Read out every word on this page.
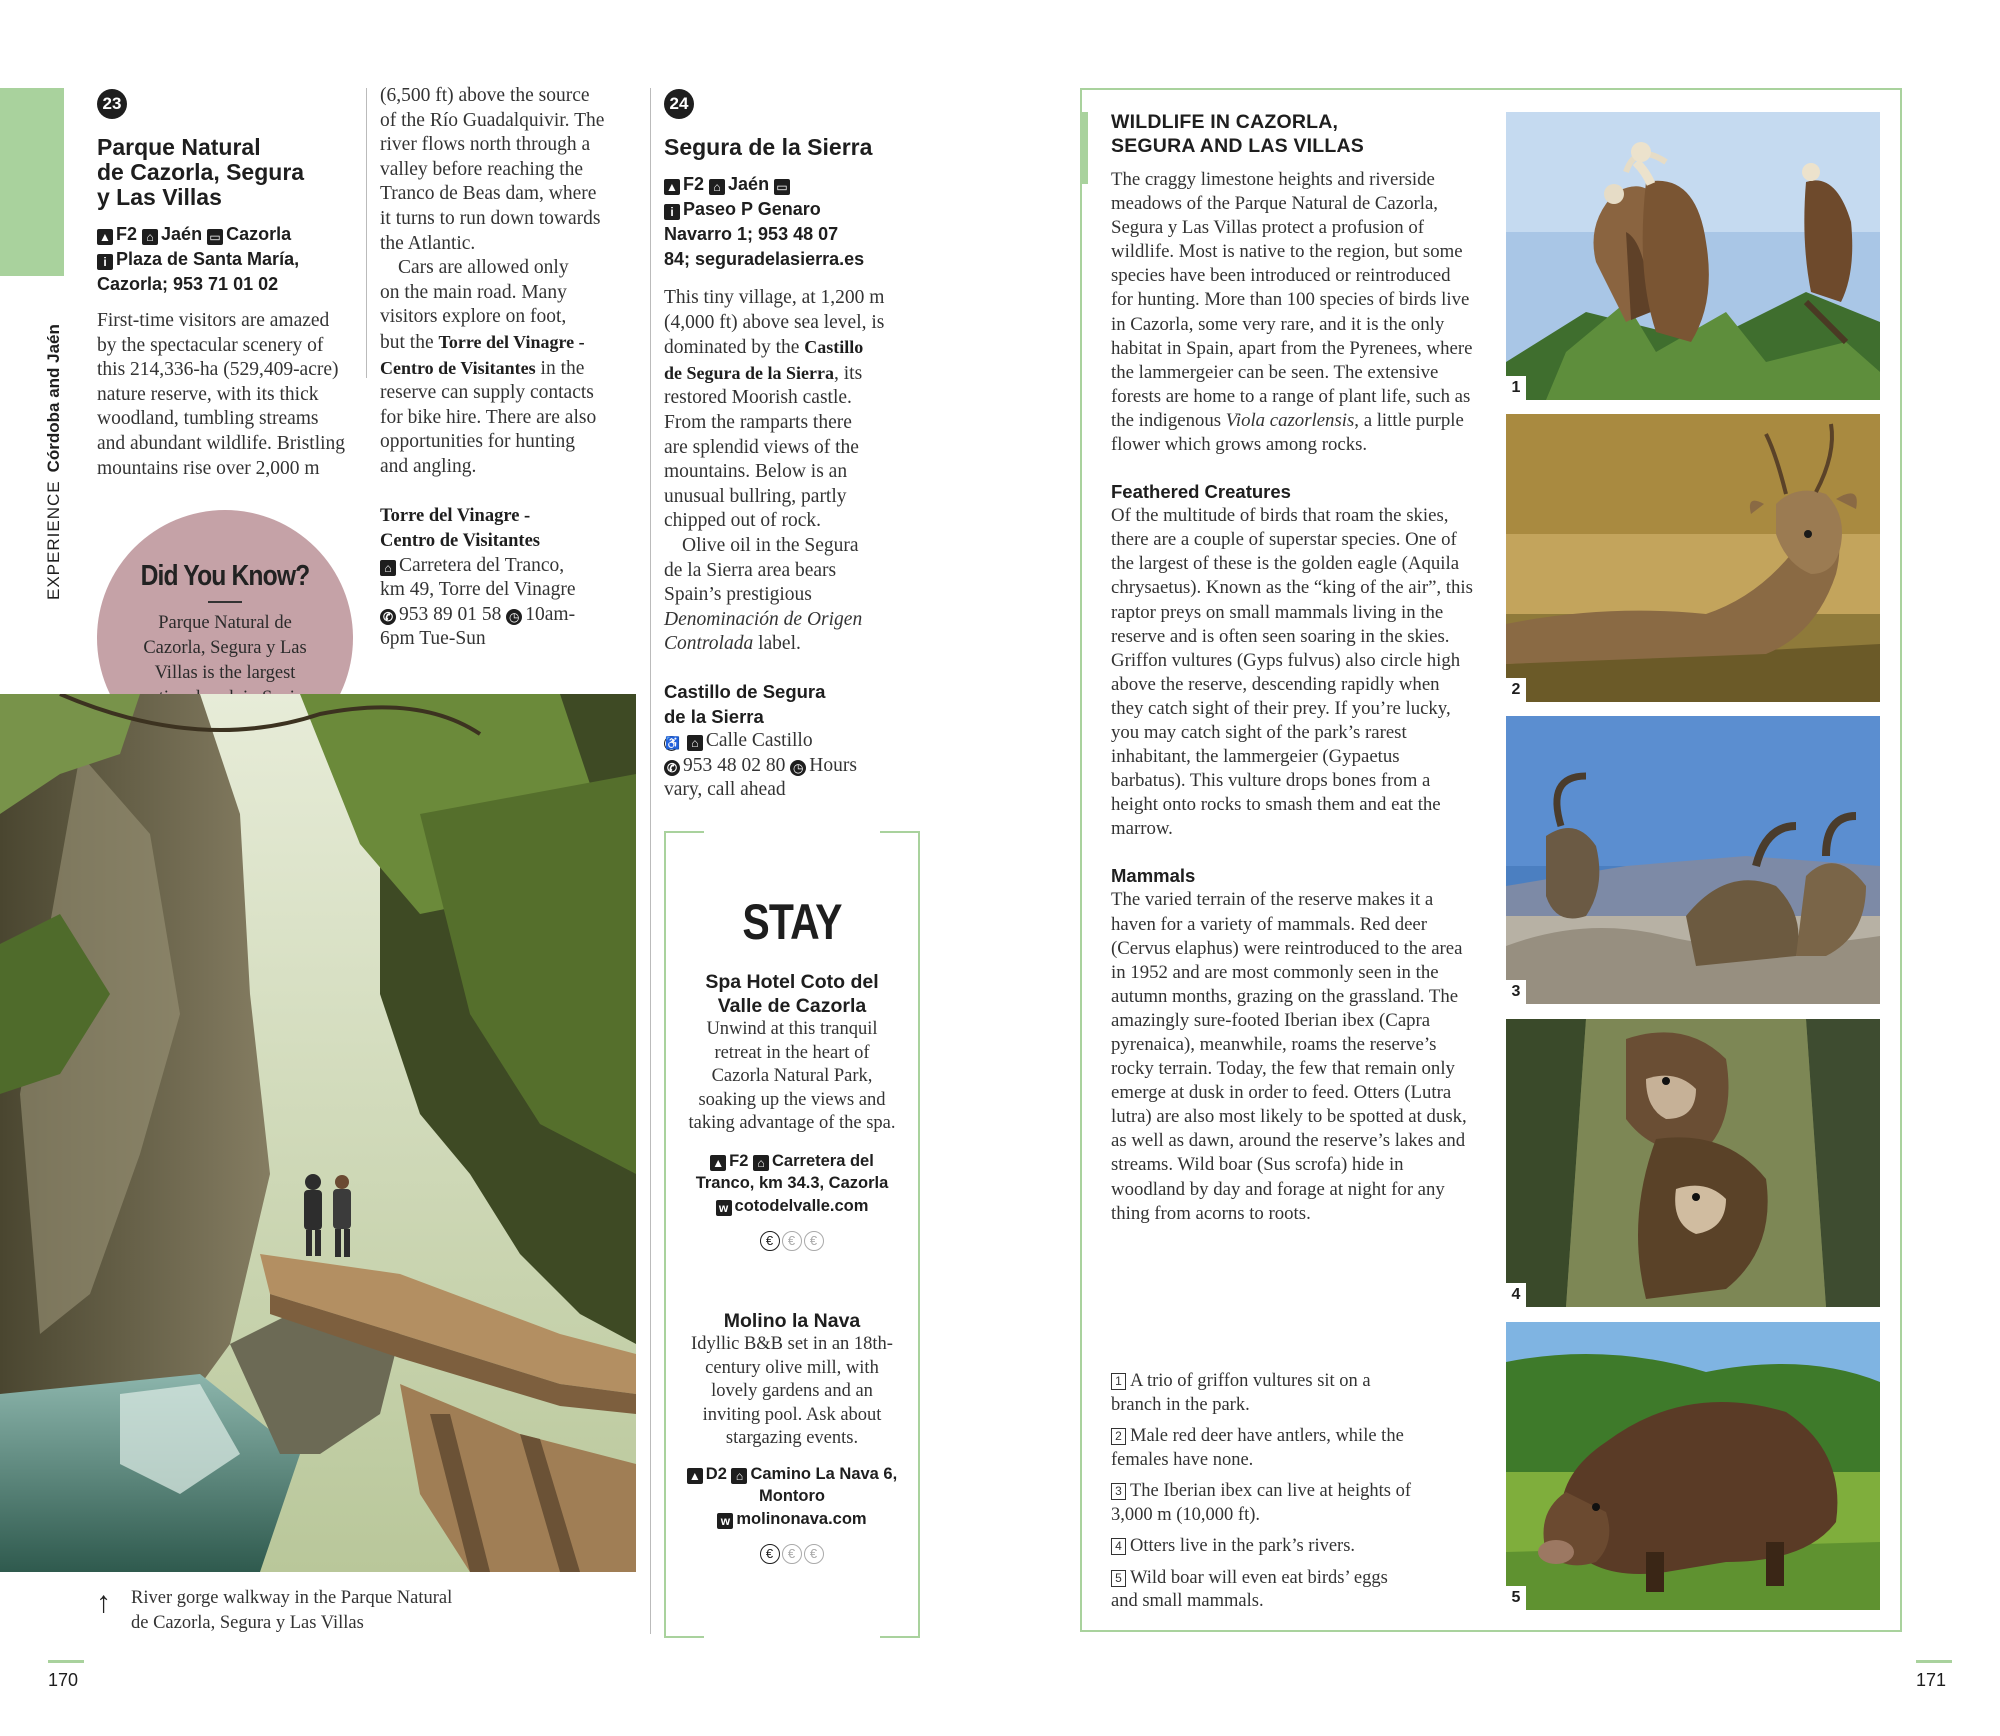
EXPERIENCECórdoba and Jaén
23
Parque Natural
de Cazorla, Segura
y Las Villas
▲ F2 ⌂ Jaén ▭ Cazorla
i Plaza de Santa María,
Cazorla; 953 71 01 02
First-time visitors are amazed
by the spectacular scenery of
this 214,336-ha (529,409-acre)
nature reserve, with its thick
woodland, tumbling streams
and abundant wildlife. Bristling
mountains rise over 2,000 m
(6,500 ft) above the source
of the Río Guadalquivir. The
river flows north through a
valley before reaching the
Tranco de Beas dam, where
it turns to run down towards
the Atlantic.
Cars are allowed only
on the main road. Many
visitors explore on foot,
but the Torre del Vinagre -
Centro de Visitantes in the
reserve can supply contacts
for bike hire. There are also
opportunities for hunting
and angling.
Torre del Vinagre -
Centro de Visitantes
⌂ Carretera del Tranco,
km 49, Torre del Vinagre
✆ 953 89 01 58 ◷ 10am-
6pm Tue-Sun
Did You Know?
Parque Natural de Cazorla, Segura y Las Villas is the largest
↑ River gorge walkway in the Parque Natural
de Cazorla, Segura y Las Villas
24
Segura de la Sierra
▲ F2 ⌂ Jaén ▭
i Paseo P Genaro
Navarro 1; 953 48 07
84; seguradelasierra.es
This tiny village, at 1,200 m
(4,000 ft) above sea level, is
dominated by the Castillo
de Segura de la Sierra, its
restored Moorish castle.
From the ramparts there
are splendid views of the
mountains. Below is an
unusual bullring, partly
chipped out of rock.
Olive oil in the Segura
de la Sierra area bears
Spain’s prestigious
Denominación de Origen
Controlada label.
Castillo de Segura
de la Sierra
♿ ⌂ Calle Castillo
✆ 953 48 02 80 ◷ Hours
vary, call ahead
STAY
Spa Hotel Coto del Valle de Cazorla
Unwind at this tranquil retreat in the heart of Cazorla Natural Park, soaking up the views and taking advantage of the spa.
▲ F2 ⌂ Carretera del Tranco, km 34.3, Cazorla
w cotodelvalle.com
€ € €
Molino la Nava
Idyllic B&B set in an 18th-century olive mill, with lovely gardens and an inviting pool. Ask about stargazing events.
▲ D2 ⌂ Camino La Nava 6, Montoro
w molinonava.com
€ € €
WILDLIFE IN CAZORLA,
SEGURA AND LAS VILLAS
The craggy limestone heights and riverside meadows of the Parque Natural de Cazorla, Segura y Las Villas protect a profusion of wildlife. Most is native to the region, but some species have been introduced or reintroduced for hunting. More than 100 species of birds live in Cazorla, some very rare, and it is the only habitat in Spain, apart from the Pyrenees, where the lammergeier can be seen. The extensive forests are home to a range of plant life, such as the indigenous Viola cazorlensis, a little purple flower which grows among rocks.
Feathered Creatures
Of the multitude of birds that roam the skies, there are a couple of superstar species. One of the largest of these is the golden eagle (Aquila chrysaetus). Known as the “king of the air”, this raptor preys on small mammals living in the reserve and is often seen soaring in the skies. Griffon vultures (Gyps fulvus) also circle high above the reserve, descending rapidly when they catch sight of their prey. If you’re lucky, you may catch sight of the park’s rarest inhabitant, the lammergeier (Gypaetus barbatus). This vulture drops bones from a height onto rocks to smash them and eat the marrow.
Mammals
The varied terrain of the reserve makes it a haven for a variety of mammals. Red deer (Cervus elaphus) were reintroduced to the area in 1952 and are most commonly seen in the autumn months, grazing on the grassland. The amazingly sure-footed Iberian ibex (Capra pyrenaica), meanwhile, roams the reserve’s rocky terrain. Today, the few that remain only emerge at dusk in order to feed. Otters (Lutra lutra) are also most likely to be spotted at dusk, as well as dawn, around the reserve’s lakes and streams. Wild boar (Sus scrofa) hide in woodland by day and forage at night for any thing from acorns to roots.
1 A trio of griffon vultures sit on a branch in the park.
2 Male red deer have antlers, while the females have none.
3 The Iberian ibex can live at heights of 3,000 m (10,000 ft).
4 Otters live in the park’s rivers.
5 Wild boar will even eat birds’ eggs and small mammals.
1
2
3
4
5
170	171
